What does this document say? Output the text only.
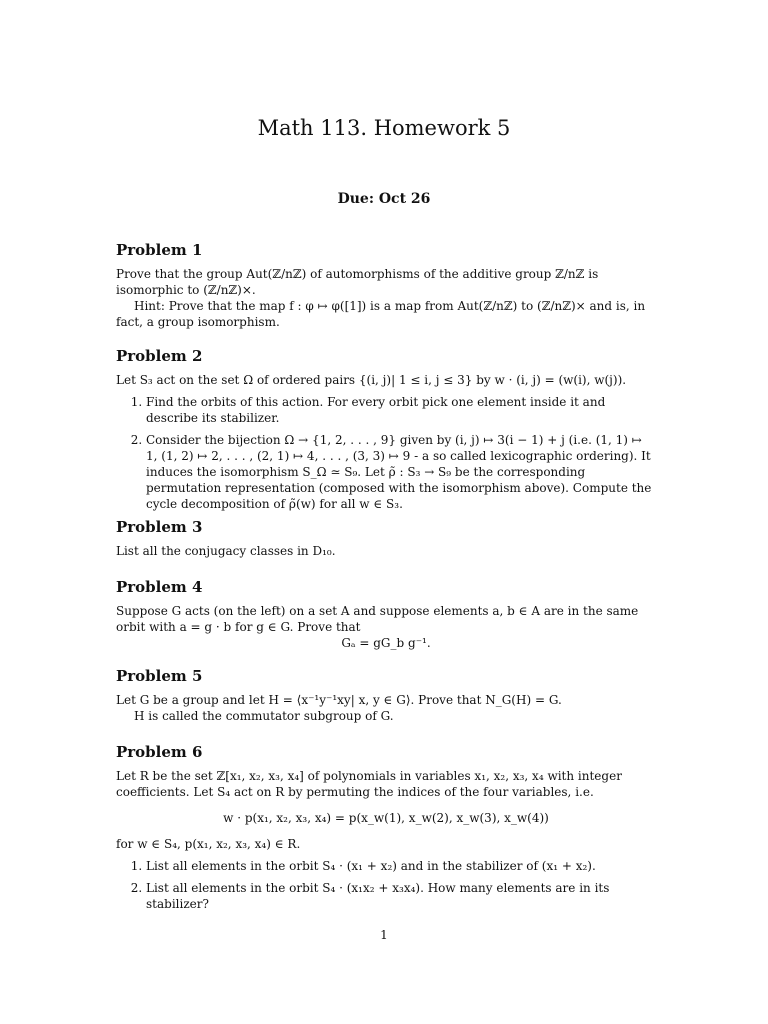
Math 113. Homework 5
Due: Oct 26
Problem 1

Prove that the group Aut(ℤ/nℤ) of automorphisms of the additive group ℤ/nℤ is isomorphic to (ℤ/nℤ)×.

Hint: Prove that the map f : φ ↦ φ([1]) is a map from Aut(ℤ/nℤ) to (ℤ/nℤ)× and is, in fact, a group isomorphism.

Problem 2

Let S₃ act on the set Ω of ordered pairs {(i, j)| 1 ≤ i, j ≤ 3} by w · (i, j) = (w(i), w(j)).

1. Find the orbits of this action. For every orbit pick one element inside it and describe its stabilizer.
2. Consider the bijection Ω → {1, 2, . . . , 9} given by (i, j) ↦ 3(i − 1) + j (i.e. (1, 1) ↦ 1, (1, 2) ↦ 2, . . . , (2, 1) ↦ 4, . . . , (3, 3) ↦ 9 - a so called lexicographic ordering). It induces the isomorphism S_Ω ≃ S₉. Let ρ̃ : S₃ → S₉ be the corresponding permutation representation (composed with the isomorphism above). Compute the cycle decomposition of ρ̃(w) for all w ∈ S₃.
Problem 3

List all the conjugacy classes in D₁₀.

Problem 4

Suppose G acts (on the left) on a set A and suppose elements a, b ∈ A are in the same orbit with a = g · b for g ∈ G. Prove that

Gₐ = gG_b g⁻¹.

Problem 5

Let G be a group and let H = ⟨x⁻¹y⁻¹xy| x, y ∈ G⟩. Prove that N_G(H) = G.

H is called the commutator subgroup of G.

Problem 6

Let R be the set ℤ[x₁, x₂, x₃, x₄] of polynomials in variables x₁, x₂, x₃, x₄ with integer coefficients. Let S₄ act on R by permuting the indices of the four variables, i.e.

w · p(x₁, x₂, x₃, x₄) = p(x_w(1), x_w(2), x_w(3), x_w(4))

for w ∈ S₄, p(x₁, x₂, x₃, x₄) ∈ R.

1. List all elements in the orbit S₄ · (x₁ + x₂) and in the stabilizer of (x₁ + x₂).
2. List all elements in the orbit S₄ · (x₁x₂ + x₃x₄). How many elements are in its stabilizer?
1
